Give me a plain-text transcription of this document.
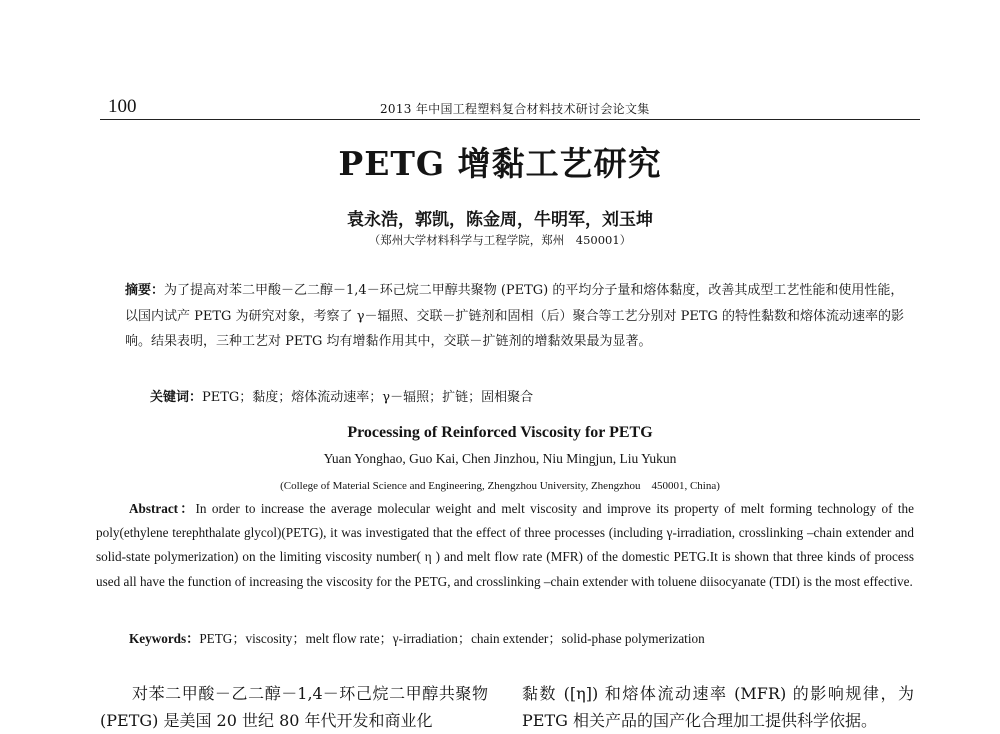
100	2013 年中国工程塑料复合材料技术研讨会论文集
PETG 增黏工艺研究
袁永浩，郭凯，陈金周，牛明军，刘玉坤
（郑州大学材料科学与工程学院，郑州　450001）
摘要：为了提高对苯二甲酸－乙二醇－1,4－环己烷二甲醇共聚物 (PETG) 的平均分子量和熔体黏度，改善其成型工艺性能和使用性能，以国内试产 PETG 为研究对象，考察了 γ－辐照、交联－扩链剂和固相（后）聚合等工艺分别对 PETG 的特性黏数和熔体流动速率的影响。结果表明，三种工艺对 PETG 均有增黏作用其中，交联－扩链剂的增黏效果最为显著。
关键词：PETG；黏度；熔体流动速率；γ－辐照；扩链；固相聚合
Processing of Reinforced Viscosity for PETG
Yuan Yonghao, Guo Kai, Chen Jinzhou, Niu Mingjun, Liu Yukun
(College of Material Science and Engineering, Zhengzhou University, Zhengzhou　450001, China)
Abstract：In order to increase the average molecular weight and melt viscosity and improve its property of melt forming technology of the poly(ethylene terephthalate glycol)(PETG), it was investigated that the effect of three processes (including γ-irradiation, crosslinking –chain extender and solid-state polymerization) on the limiting viscosity number( η ) and melt flow rate (MFR) of the domestic PETG.It is shown that three kinds of process used all have the function of increasing the viscosity for the PETG, and crosslinking –chain extender with toluene diisocyanate (TDI) is the most effective.
Keywords：PETG；viscosity；melt flow rate；γ-irradiation；chain extender；solid-phase polymerization
对苯二甲酸－乙二醇－1,4－环己烷二甲醇共聚物 (PETG) 是美国 20 世纪 80 年代开发和商业化
黏数 ([η]) 和熔体流动速率 (MFR) 的影响规律，为 PETG 相关产品的国产化合理加工提供科学依据。
